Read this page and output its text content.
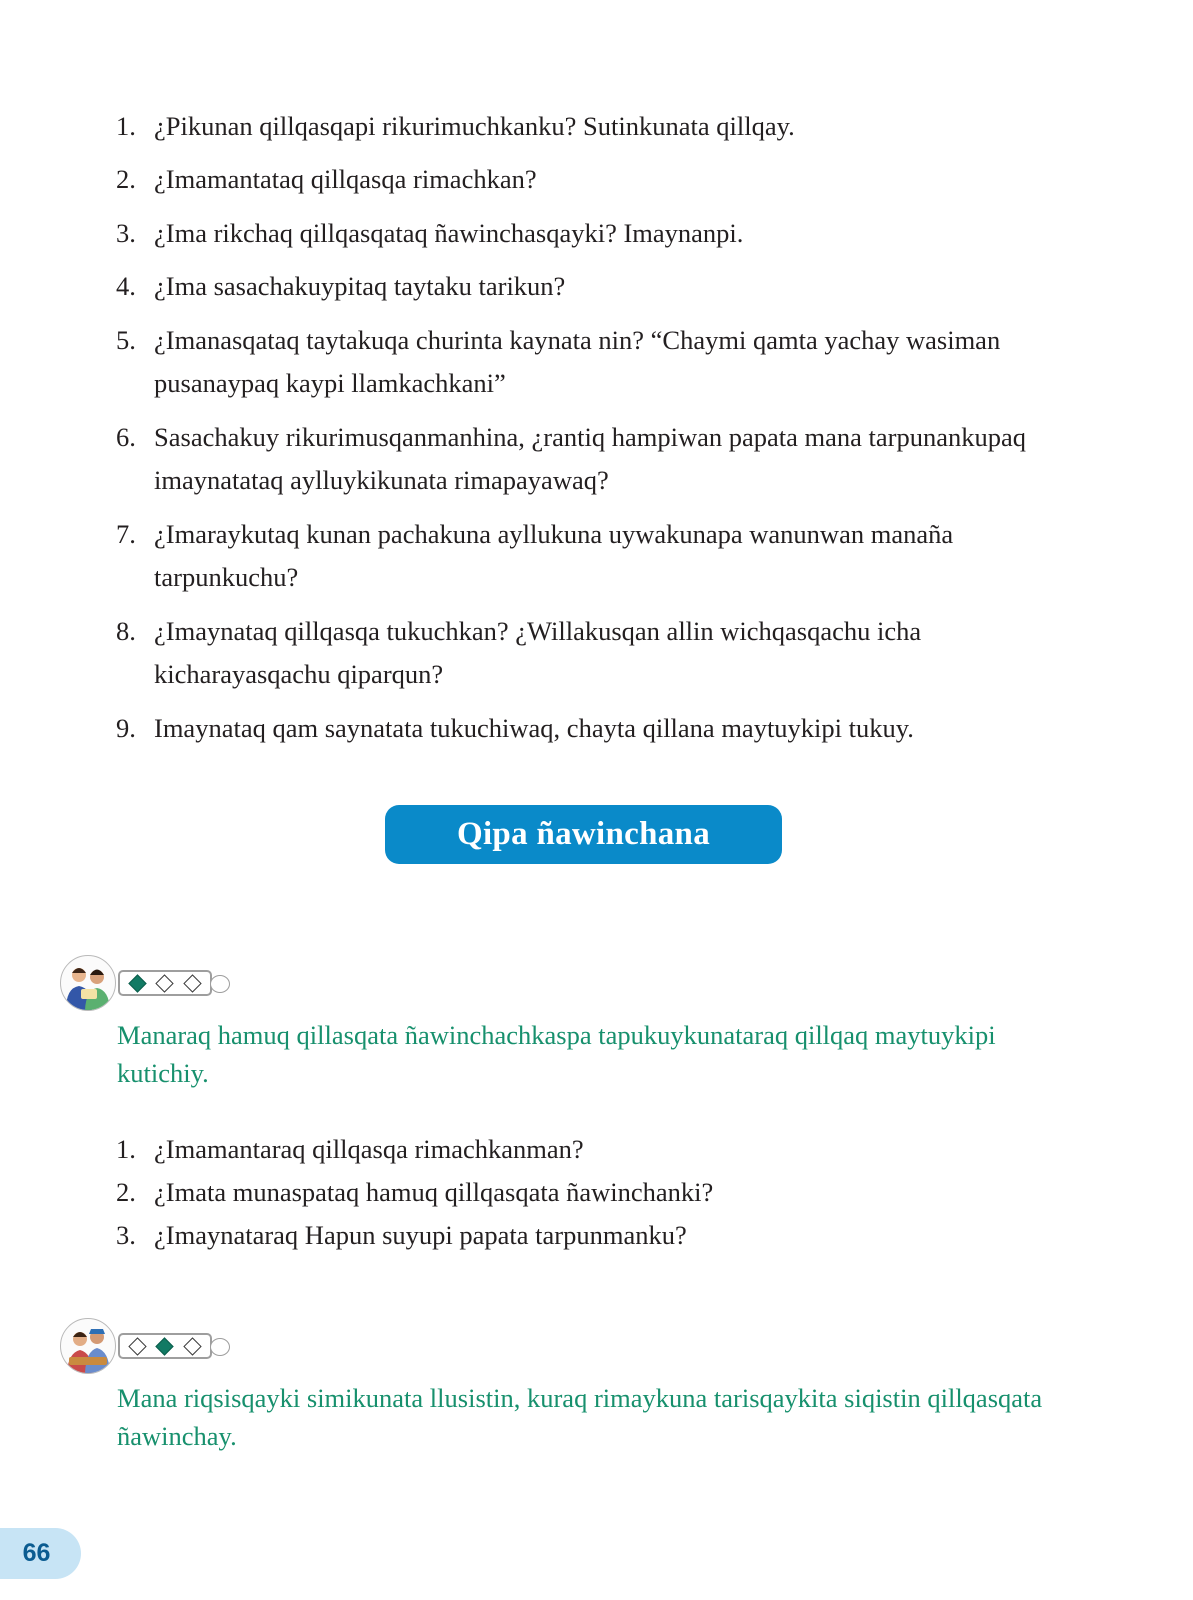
1. ¿Pikunan qillqasqapi rikurimuchkanku? Sutinkunata qillqay.
2. ¿Imamantataq qillqasqa rimachkan?
3. ¿Ima rikchaq qillqasqataq ñawinchasqayki? Imaynanpi.
4. ¿Ima sasachakuypitaq taytaku tarikun?
5. ¿Imanasqataq taytakuqa churinta kaynata nin? “Chaymi qamta yachay wasiman pusanaypaq kaypi llamkachkani”
6. Sasachakuy rikurimusqanmanhina, ¿rantiq hampiwan papata mana tarpunankupaq imaynatataq aylluykikunata rimapayawaq?
7. ¿Imaraykutaq kunan pachakuna ayllukuna uywakunapa wanunwan manaña tarpunkuchu?
8. ¿Imaynataq qillqasqa tukuchkan? ¿Willakusqan allin wichqasqachu icha kicharayasqachu qiparqun?
9. Imaynataq qam saynatata tukuchiwaq, chayta qillana maytuykipi tukuy.
Qipa ñawinchana
Manaraq hamuq qillasqata ñawinchachkaspa tapukuykunataraq qillqaq maytuykipi kutichiy.
1. ¿Imamantaraq qillqasqa rimachkanman?
2. ¿Imata munaspataq hamuq qillqasqata ñawinchanki?
3. ¿Imaynataraq Hapun suyupi papata tarpunmanku?
Mana riqsisqayki simikunata llusistin, kuraq rimaykuna tarisqaykita siqistin qillqasqata ñawinchay.
66
